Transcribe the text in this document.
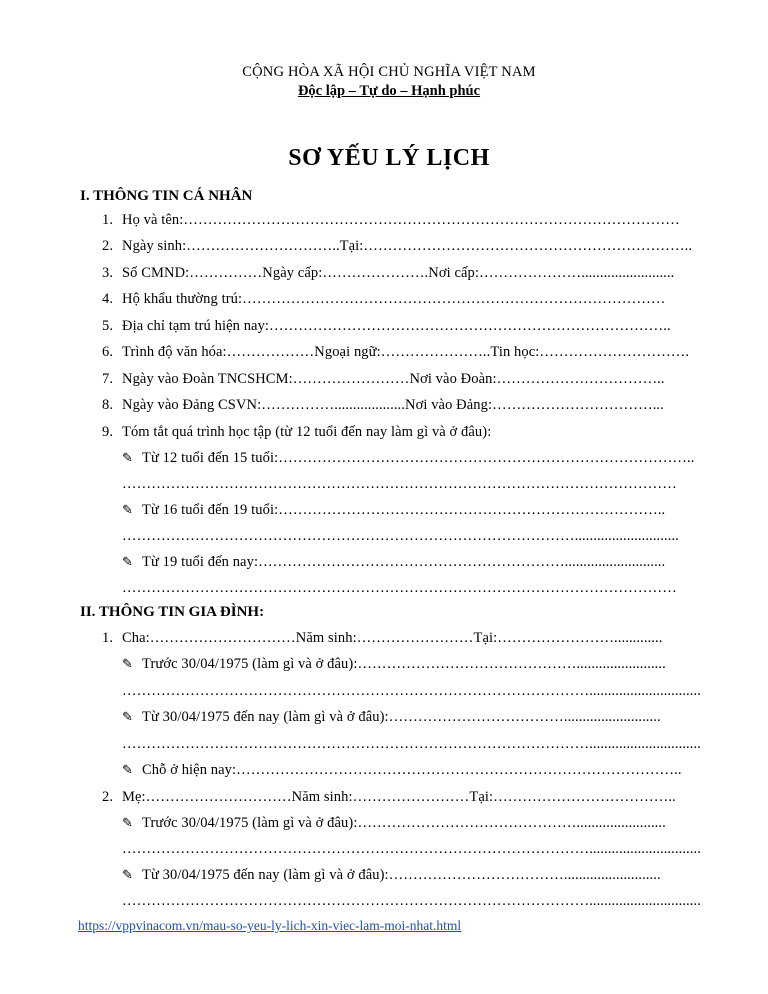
CỘNG HÒA XÃ HỘI CHỦ NGHĨA VIỆT NAM
Độc lập – Tự do – Hạnh phúc
SƠ YẾU LÝ LỊCH
I. THÔNG TIN CÁ NHÂN
1. Họ và tên:…………………………………………………………………………………………
2. Ngày sinh:…………………………..Tại:…………………………………………………………..
3. Số CMND:……………Ngày cấp:………………….Nơi cấp:………………….........................
4. Hộ khẩu thường trú:……………………………………………………………………………
5. Địa chỉ tạm trú hiện nay:………………………………………………………………………..
6. Trình độ văn hóa:………………Ngoại ngữ:…………………..Tin học:………………………….
7. Ngày vào Đoàn TNCSHCM:……………………Nơi vào Đoàn:……………………………..
8. Ngày vào Đảng CSVN:……………...................Nơi vào Đảng:……………………………...
9. Tóm tắt quá trình học tập (từ 12 tuổi đến nay làm gì và ở đâu):
✎ Từ 12 tuổi đến 15 tuổi:…………………………………………………………………………..
……………………………………………………………………………………………………
✎ Từ 16 tuổi đến 19 tuổi:……………………………………………………………………..
…………………………………………………………………………………............................
✎ Từ 19 tuổi đến nay:………………………………………………………...........................
……………………………………………………………………………………………………
II. THÔNG TIN GIA ĐÌNH:
1. Cha:…………………………Năm sinh:……………………Tại:…………………….............
✎ Trước 30/04/1975 (làm gì và ở đâu):………………………………………........................
……………………………………………………………………………………..............................
✎ Từ 30/04/1975 đến nay (làm gì và ở đâu):………………………………..........................
……………………………………………………………………………………..............................
✎ Chỗ ở hiện nay:………………………………………………………………………………..
2. Mẹ:…………………………Năm sinh:……………………Tại:………………………………..
✎ Trước 30/04/1975 (làm gì và ở đâu):………………………………………........................
……………………………………………………………………………………..............................
✎ Từ 30/04/1975 đến nay (làm gì và ở đâu):………………………………..........................
……………………………………………………………………………………..............................
https://vppvinacom.vn/mau-so-yeu-ly-lich-xin-viec-lam-moi-nhat.html
